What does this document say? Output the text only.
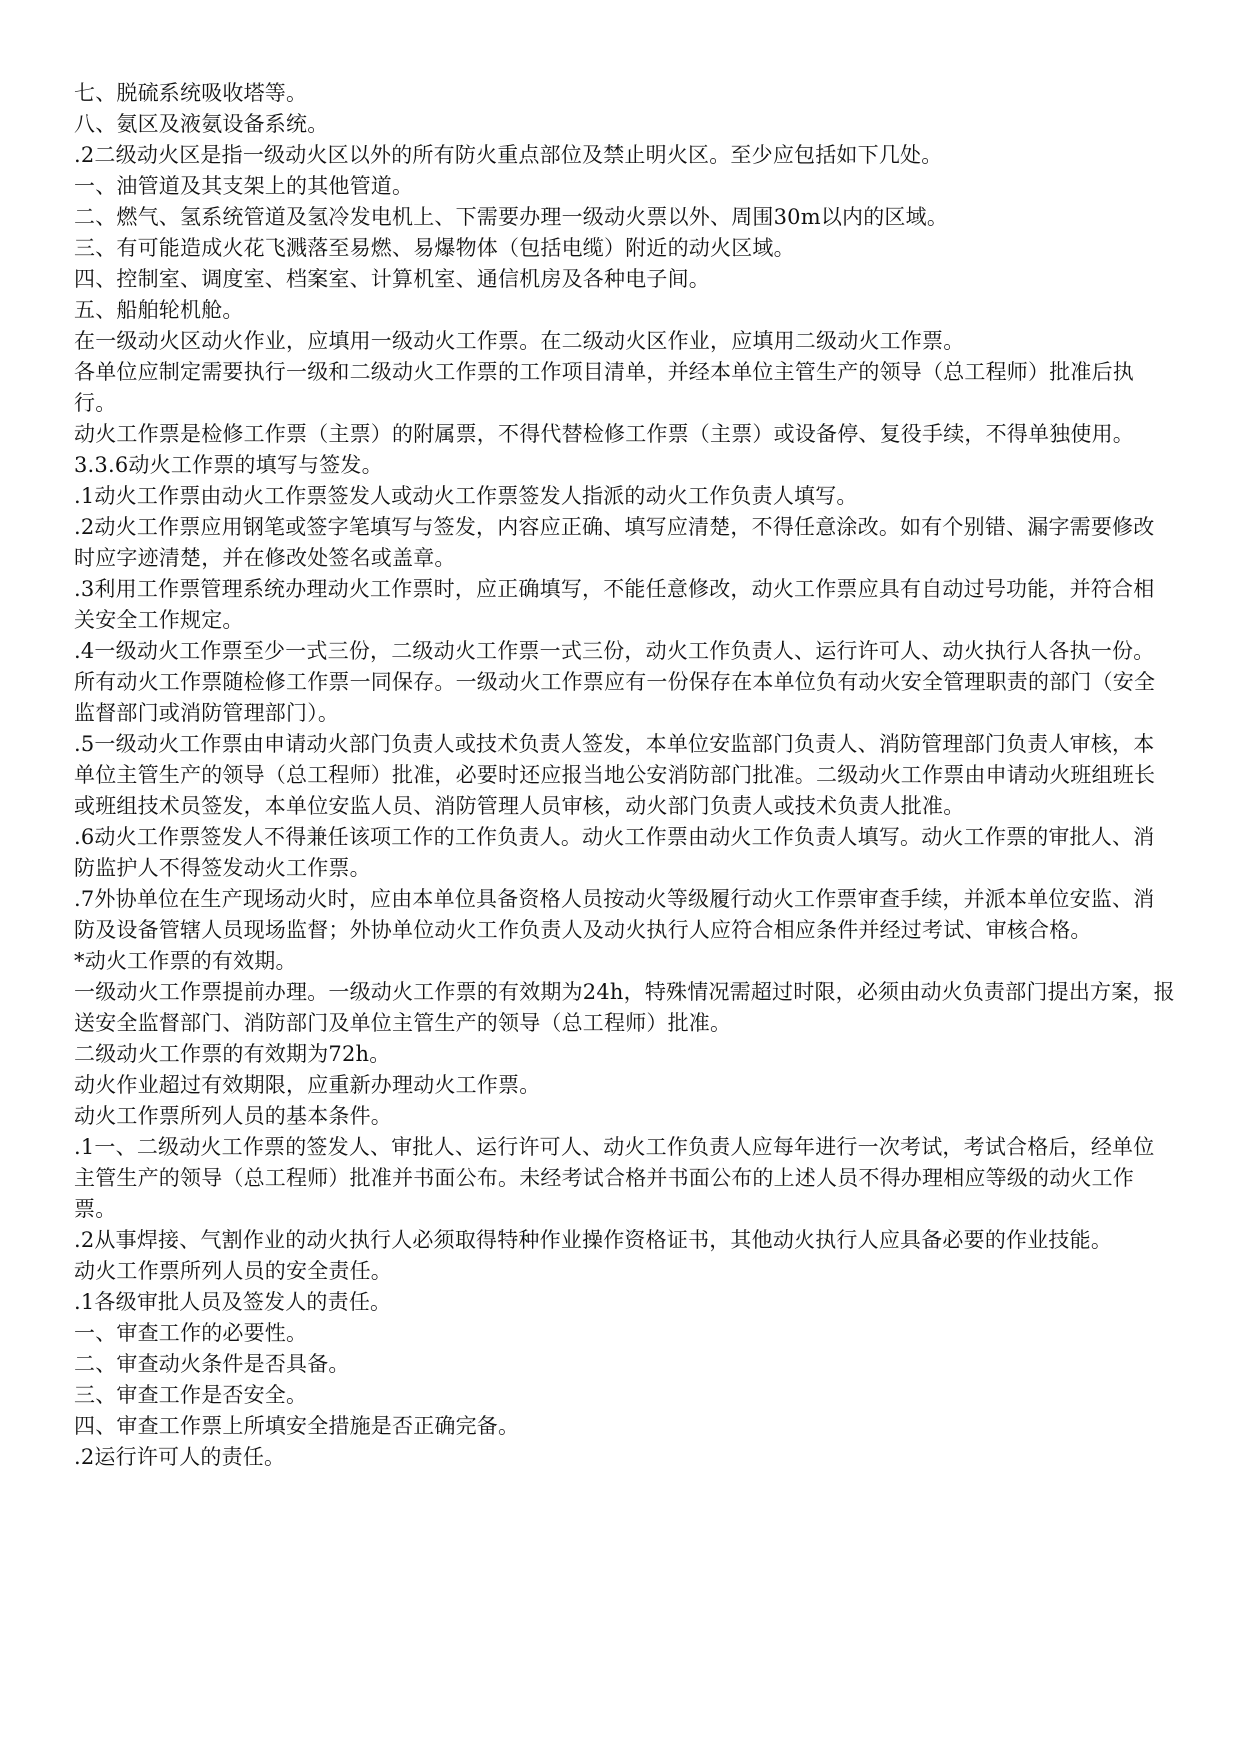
七、脱硫系统吸收塔等。

八、氨区及液氨设备系统。

.2二级动火区是指一级动火区以外的所有防火重点部位及禁止明火区。至少应包括如下几处。

一、油管道及其支架上的其他管道。

二、燃气、氢系统管道及氢冷发电机上、下需要办理一级动火票以外、周围30m以内的区域。

三、有可能造成火花飞溅落至易燃、易爆物体（包括电缆）附近的动火区域。

四、控制室、调度室、档案室、计算机室、通信机房及各种电子间。

五、船舶轮机舱。

在一级动火区动火作业，应填用一级动火工作票。在二级动火区作业，应填用二级动火工作票。

各单位应制定需要执行一级和二级动火工作票的工作项目清单，并经本单位主管生产的领导（总工程师）批准后执行。

动火工作票是检修工作票（主票）的附属票，不得代替检修工作票（主票）或设备停、复役手续，不得单独使用。

3.3.6动火工作票的填写与签发。

.1动火工作票由动火工作票签发人或动火工作票签发人指派的动火工作负责人填写。

.2动火工作票应用钢笔或签字笔填写与签发，内容应正确、填写应清楚，不得任意涂改。如有个别错、漏字需要修改时应字迹清楚，并在修改处签名或盖章。

.3利用工作票管理系统办理动火工作票时，应正确填写，不能任意修改，动火工作票应具有自动过号功能，并符合相关安全工作规定。

.4一级动火工作票至少一式三份，二级动火工作票一式三份，动火工作负责人、运行许可人、动火执行人各执一份。所有动火工作票随检修工作票一同保存。一级动火工作票应有一份保存在本单位负有动火安全管理职责的部门（安全监督部门或消防管理部门）。

.5一级动火工作票由申请动火部门负责人或技术负责人签发，本单位安监部门负责人、消防管理部门负责人审核，本单位主管生产的领导（总工程师）批准，必要时还应报当地公安消防部门批准。二级动火工作票由申请动火班组班长或班组技术员签发，本单位安监人员、消防管理人员审核，动火部门负责人或技术负责人批准。

.6动火工作票签发人不得兼任该项工作的工作负责人。动火工作票由动火工作负责人填写。动火工作票的审批人、消防监护人不得签发动火工作票。

.7外协单位在生产现场动火时，应由本单位具备资格人员按动火等级履行动火工作票审查手续，并派本单位安监、消防及设备管辖人员现场监督；外协单位动火工作负责人及动火执行人应符合相应条件并经过考试、审核合格。

*动火工作票的有效期。

一级动火工作票提前办理。一级动火工作票的有效期为24h，特殊情况需超过时限，必须由动火负责部门提出方案，报送安全监督部门、消防部门及单位主管生产的领导（总工程师）批准。

二级动火工作票的有效期为72h。

动火作业超过有效期限，应重新办理动火工作票。

动火工作票所列人员的基本条件。

.1一、二级动火工作票的签发人、审批人、运行许可人、动火工作负责人应每年进行一次考试，考试合格后，经单位主管生产的领导（总工程师）批准并书面公布。未经考试合格并书面公布的上述人员不得办理相应等级的动火工作票。

.2从事焊接、气割作业的动火执行人必须取得特种作业操作资格证书，其他动火执行人应具备必要的作业技能。

动火工作票所列人员的安全责任。

.1各级审批人员及签发人的责任。

一、审查工作的必要性。

二、审查动火条件是否具备。

三、审查工作是否安全。

四、审查工作票上所填安全措施是否正确完备。

.2运行许可人的责任。
